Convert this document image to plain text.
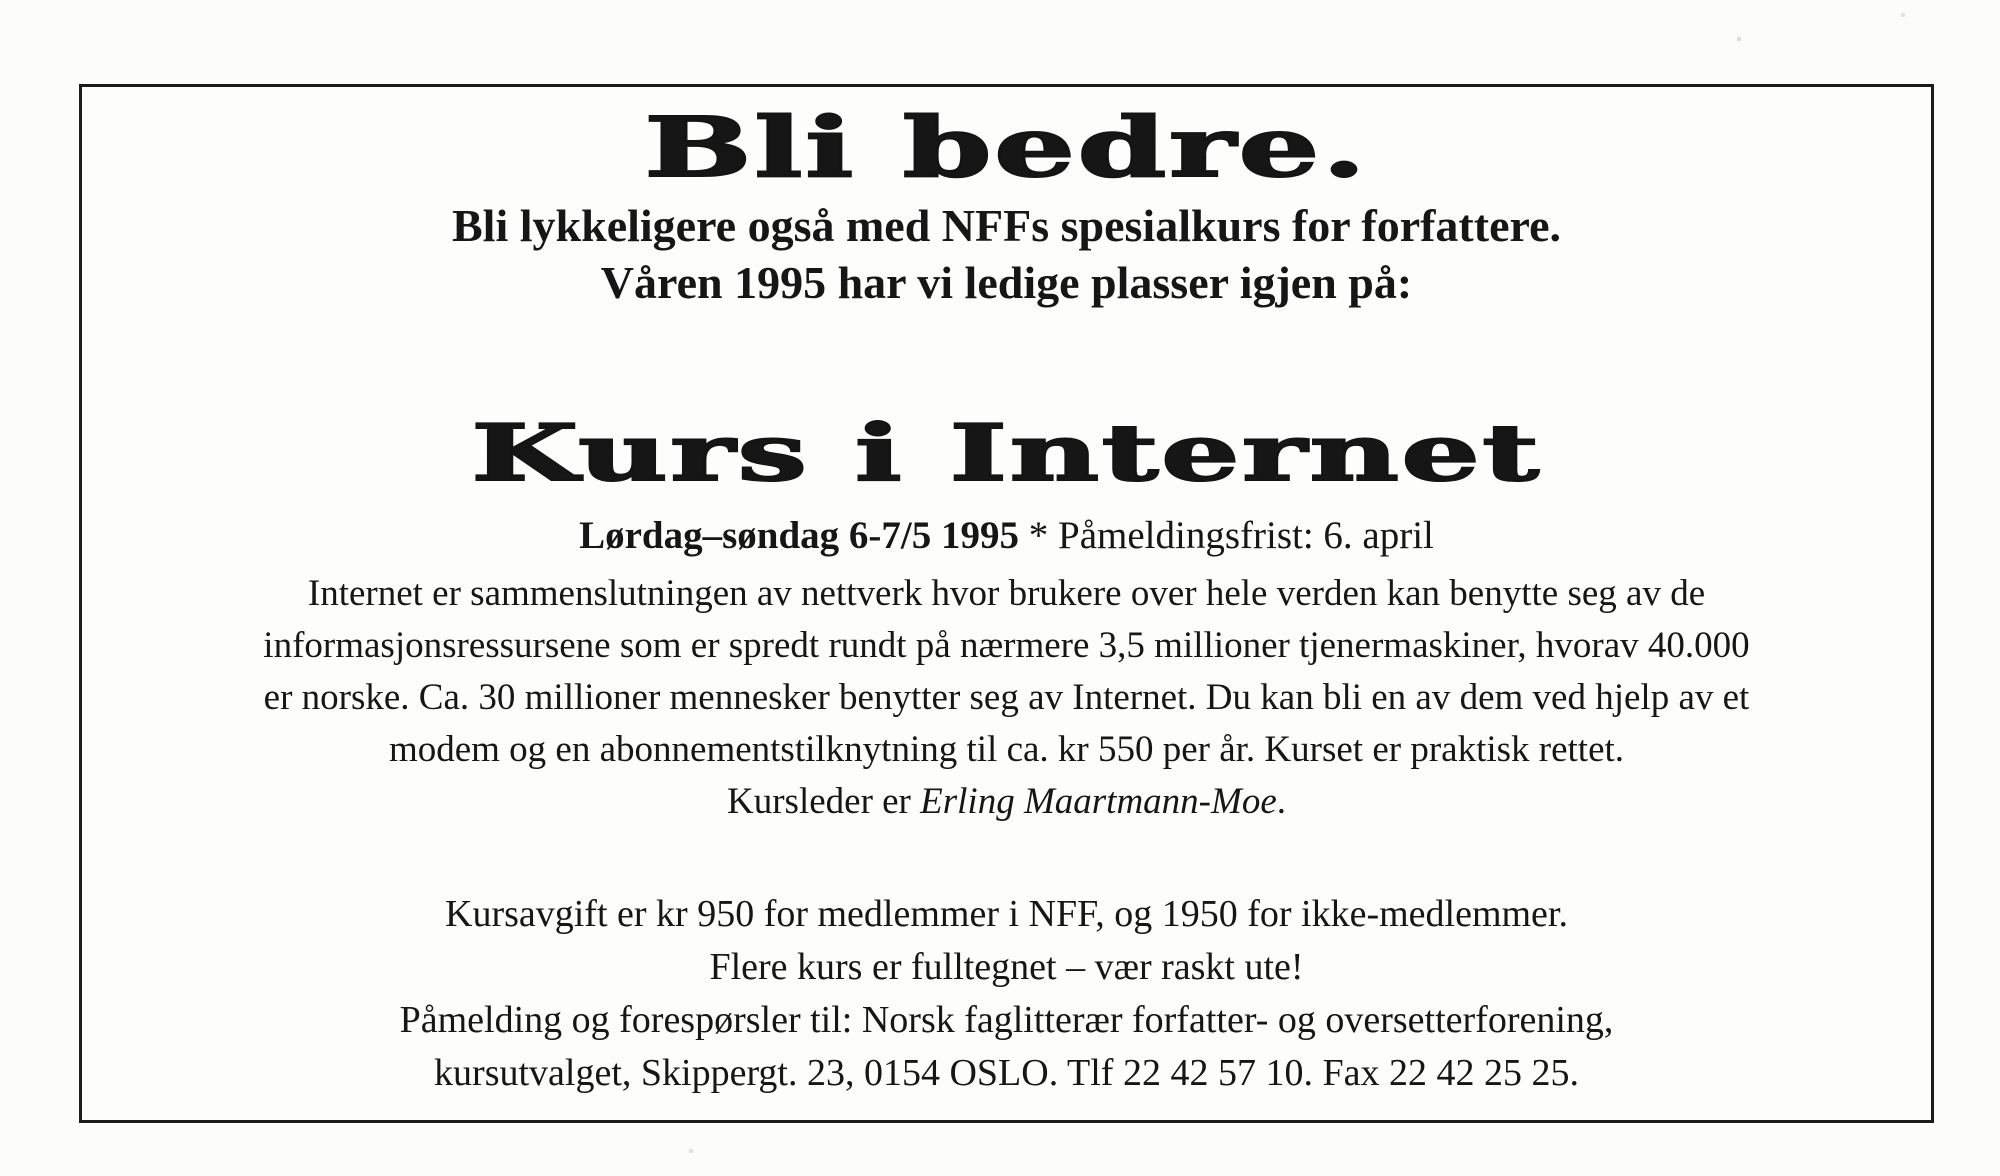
Bli bedre.

Bli lykkeligere også med NFFs spesialkurs for forfattere.

Våren 1995 har vi ledige plasser igjen på:

Kurs i Internet

Lørdag–søndag 6-7/5 1995 * Påmeldingsfrist: 6. april

Internet er sammenslutningen av nettverk hvor brukere over hele verden kan benytte seg av de
informasjonsressursene som er spredt rundt på nærmere 3,5 millioner tjenermaskiner, hvorav 40.000
er norske. Ca. 30 millioner mennesker benytter seg av Internet. Du kan bli en av dem ved hjelp av et
modem og en abonnementstilknytning til ca. kr 550 per år. Kurset er praktisk rettet.
Kursleder er Erling Maartmann-Moe.
Kursavgift er kr 950 for medlemmer i NFF, og 1950 for ikke-medlemmer.
Flere kurs er fulltegnet – vær raskt ute!
Påmelding og forespørsler til: Norsk faglitterær forfatter- og oversetterforening,
kursutvalget, Skippergt. 23, 0154 OSLO. Tlf 22 42 57 10. Fax 22 42 25 25.
